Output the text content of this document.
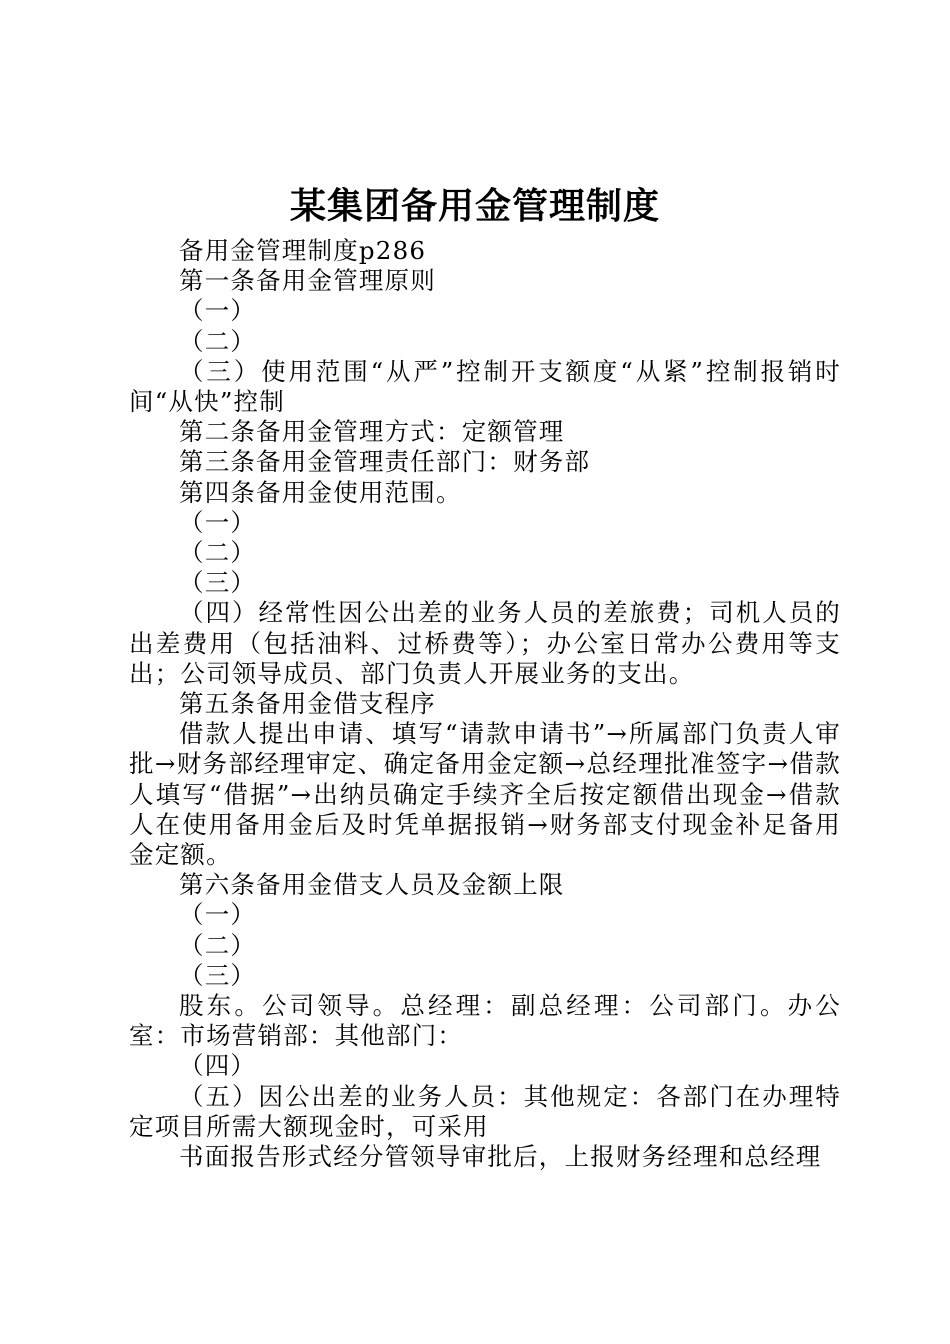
某集团备用金管理制度

备用金管理制度p286

第一条备用金管理原则

（一）

（二）

（三）使用范围“从严”控制开支额度“从紧”控制报销时间“从快”控制

第二条备用金管理方式：定额管理

第三条备用金管理责任部门：财务部

第四条备用金使用范围。

（一）

（二）

（三）

（四）经常性因公出差的业务人员的差旅费；司机人员的出差费用（包括油料、过桥费等）；办公室日常办公费用等支出；公司领导成员、部门负责人开展业务的支出。

第五条备用金借支程序

借款人提出申请、填写“请款申请书”→所属部门负责人审批→财务部经理审定、确定备用金定额→总经理批准签字→借款人填写“借据”→出纳员确定手续齐全后按定额借出现金→借款人在使用备用金后及时凭单据报销→财务部支付现金补足备用金定额。

第六条备用金借支人员及金额上限

（一）

（二）

（三）

股东。公司领导。总经理：副总经理：公司部门。办公室：市场营销部：其他部门：

（四）

（五）因公出差的业务人员：其他规定：各部门在办理特定项目所需大额现金时，可采用

书面报告形式经分管领导审批后，上报财务经理和总经理
